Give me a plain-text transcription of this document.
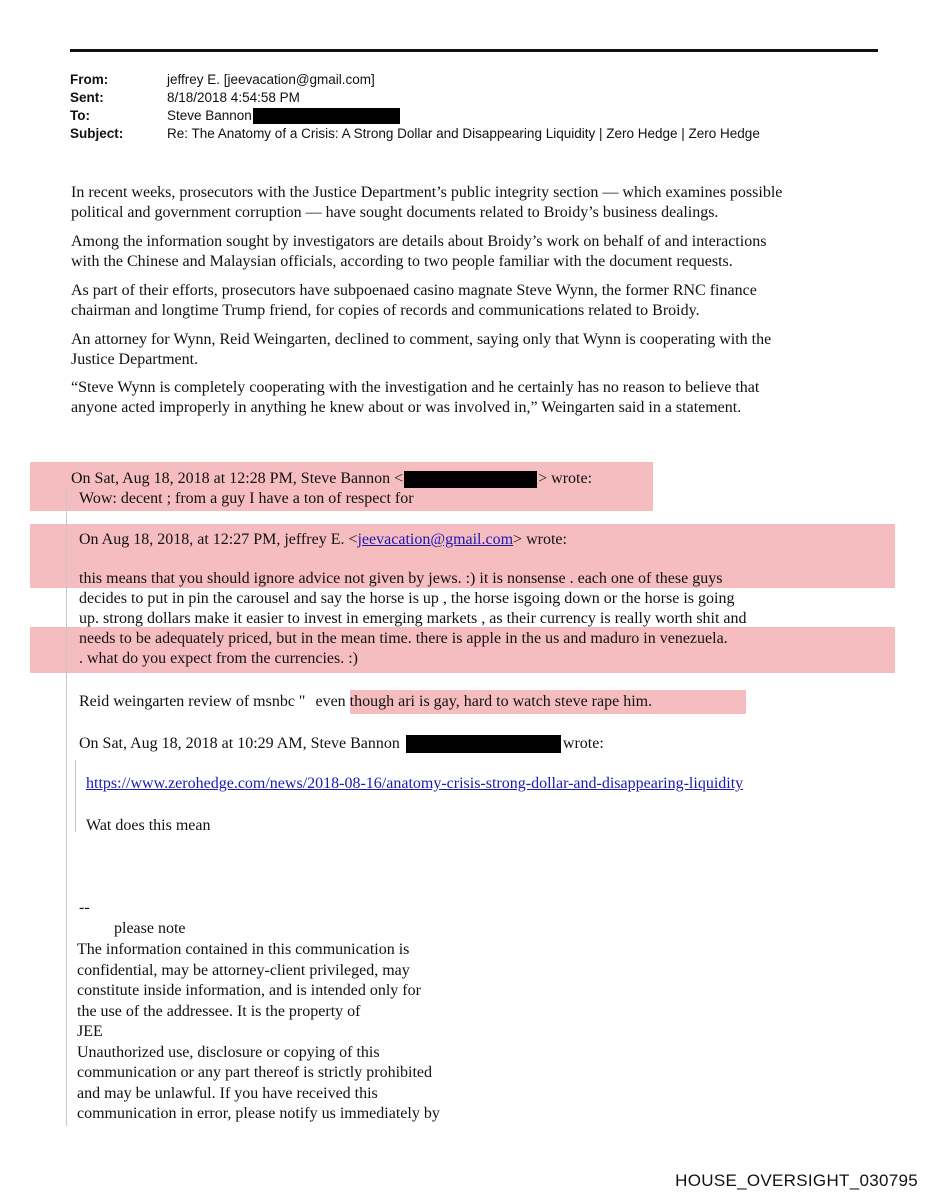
From:	jeffrey E. [jeevacation@gmail.com]
Sent:	8/18/2018 4:54:58 PM
To:	Steve Bannon
Subject:	Re: The Anatomy of a Crisis: A Strong Dollar and Disappearing Liquidity | Zero Hedge | Zero Hedge
In recent weeks, prosecutors with the Justice Department’s public integrity section — which examines possible
political and government corruption — have sought documents related to Broidy’s business dealings.
Among the information sought by investigators are details about Broidy’s work on behalf of and interactions
with the Chinese and Malaysian officials, according to two people familiar with the document requests.
As part of their efforts, prosecutors have subpoenaed casino magnate Steve Wynn, the former RNC finance
chairman and longtime Trump friend, for copies of records and communications related to Broidy.
An attorney for Wynn, Reid Weingarten, declined to comment, saying only that Wynn is cooperating with the
Justice Department.
“Steve Wynn is completely cooperating with the investigation and he certainly has no reason to believe that
anyone acted improperly in anything he knew about or was involved in,” Weingarten said in a statement.
On Sat, Aug 18, 2018 at 12:28 PM, Steve Bannon <	> wrote:
Wow: decent ; from a guy I have a ton of respect for
On Aug 18, 2018, at 12:27 PM, jeffrey E. <jeevacation@gmail.com> wrote:
this means that you should ignore advice not given by jews. :) it is nonsense . each one of these guys
decides to put in pin the carousel and say the horse is up , the horse isgoing down or the horse is going
up. strong dollars make it easier to invest in emerging markets , as their currency is really worth shit and
needs to be adequately priced, but in the mean time. there is apple in the us and maduro in venezuela.
. what do you expect from the currencies. :)
Reid weingarten review of msnbc " even though ari is gay, hard to watch steve rape him.
On Sat, Aug 18, 2018 at 10:29 AM, Steve Bannon	wrote:
https://www.zerohedge.com/news/2018-08-16/anatomy-crisis-strong-dollar-and-disappearing-liquidity
Wat does this mean
--
please note
The information contained in this communication is
confidential, may be attorney-client privileged, may
constitute inside information, and is intended only for
the use of the addressee. It is the property of
JEE
Unauthorized use, disclosure or copying of this
communication or any part thereof is strictly prohibited
and may be unlawful. If you have received this
communication in error, please notify us immediately by
HOUSE_OVERSIGHT_030795
